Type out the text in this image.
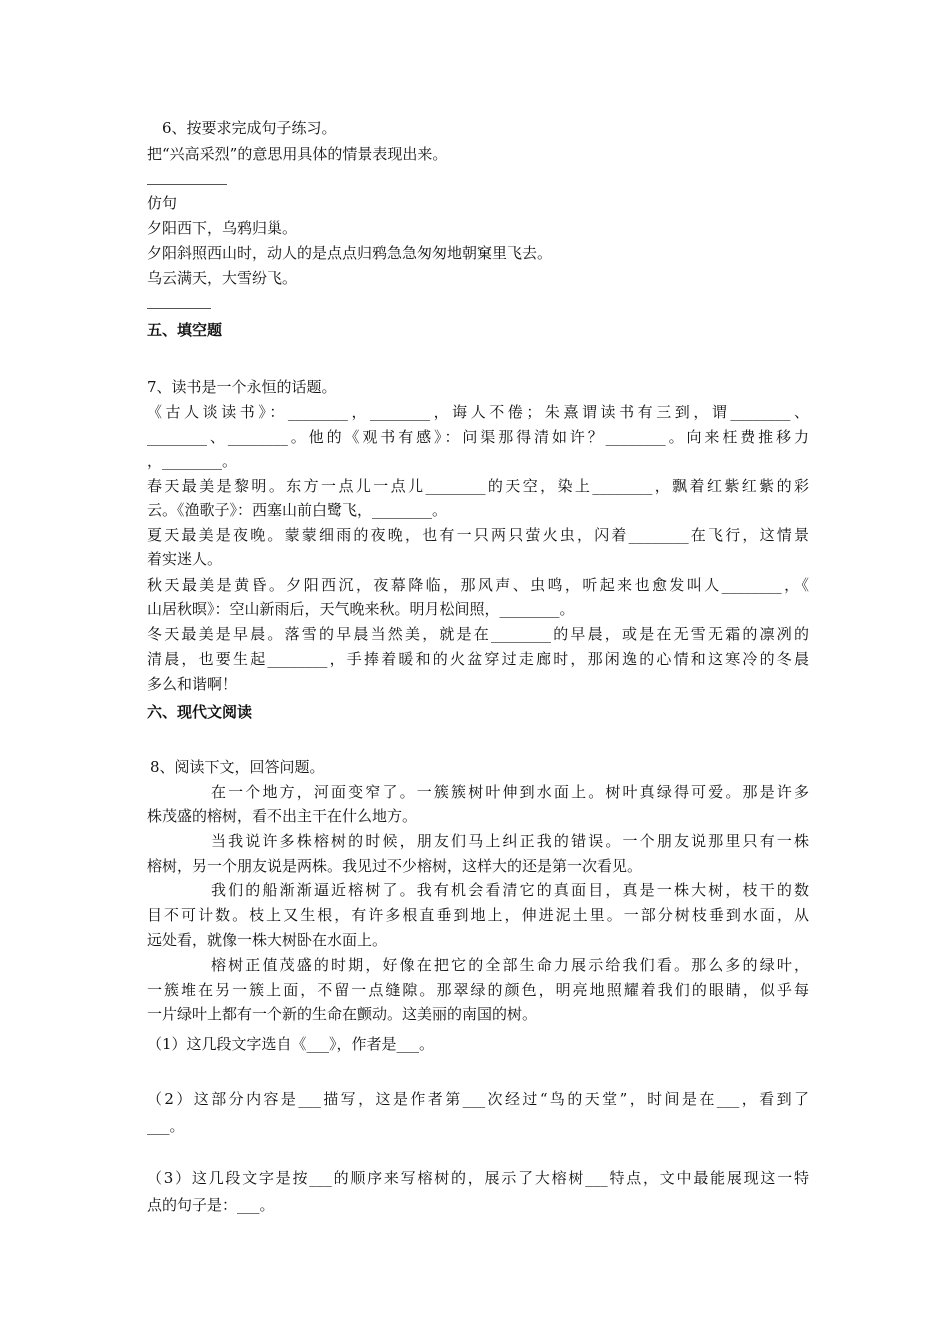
6、按要求完成句子练习。
把“兴高采烈”的意思用具体的情景表现出来。
仿句
夕阳西下，乌鸦归巢。
夕阳斜照西山时，动人的是点点归鸦急急匆匆地朝窠里飞去。
乌云满天，大雪纷飞。
五、填空题
7、读书是一个永恒的话题。
《古人谈读书》：________，________，诲人不倦；朱熹谓读书有三到，谓________、
________、________。他的《观书有感》：问渠那得清如许？________。向来枉费推移力
，________。
春天最美是黎明。东方一点儿一点儿________的天空，染上________，飘着红紫红紫的彩
云。《渔歌子》：西塞山前白鹭飞，________。
夏天最美是夜晚。蒙蒙细雨的夜晚，也有一只两只萤火虫，闪着________在飞行，这情景
着实迷人。
秋天最美是黄昏。夕阳西沉，夜幕降临，那风声、虫鸣，听起来也愈发叫人________，《
山居秋暝》：空山新雨后，天气晚来秋。明月松间照，________。
冬天最美是早晨。落雪的早晨当然美，就是在________的早晨，或是在无雪无霜的凛冽的
清晨，也要生起________，手捧着暖和的火盆穿过走廊时，那闲逸的心情和这寒冷的冬晨
多么和谐啊！
六、现代文阅读
8、阅读下文，回答问题。
在一个地方，河面变窄了。一簇簇树叶伸到水面上。树叶真绿得可爱。那是许多
株茂盛的榕树，看不出主干在什么地方。
当我说许多株榕树的时候，朋友们马上纠正我的错误。一个朋友说那里只有一株
榕树，另一个朋友说是两株。我见过不少榕树，这样大的还是第一次看见。
我们的船渐渐逼近榕树了。我有机会看清它的真面目，真是一株大树，枝干的数
目不可计数。枝上又生根，有许多根直垂到地上，伸进泥土里。一部分树枝垂到水面，从
远处看，就像一株大树卧在水面上。
榕树正值茂盛的时期，好像在把它的全部生命力展示给我们看。那么多的绿叶，
一簇堆在另一簇上面，不留一点缝隙。那翠绿的颜色，明亮地照耀着我们的眼睛，似乎每
一片绿叶上都有一个新的生命在颤动。这美丽的南国的树。
（1）这几段文字选自《___》，作者是___。
（2）这部分内容是___描写，这是作者第___次经过“鸟的天堂”，时间是在___，看到了
___。
（3）这几段文字是按___的顺序来写榕树的，展示了大榕树___特点，文中最能展现这一特
点的句子是：___。
